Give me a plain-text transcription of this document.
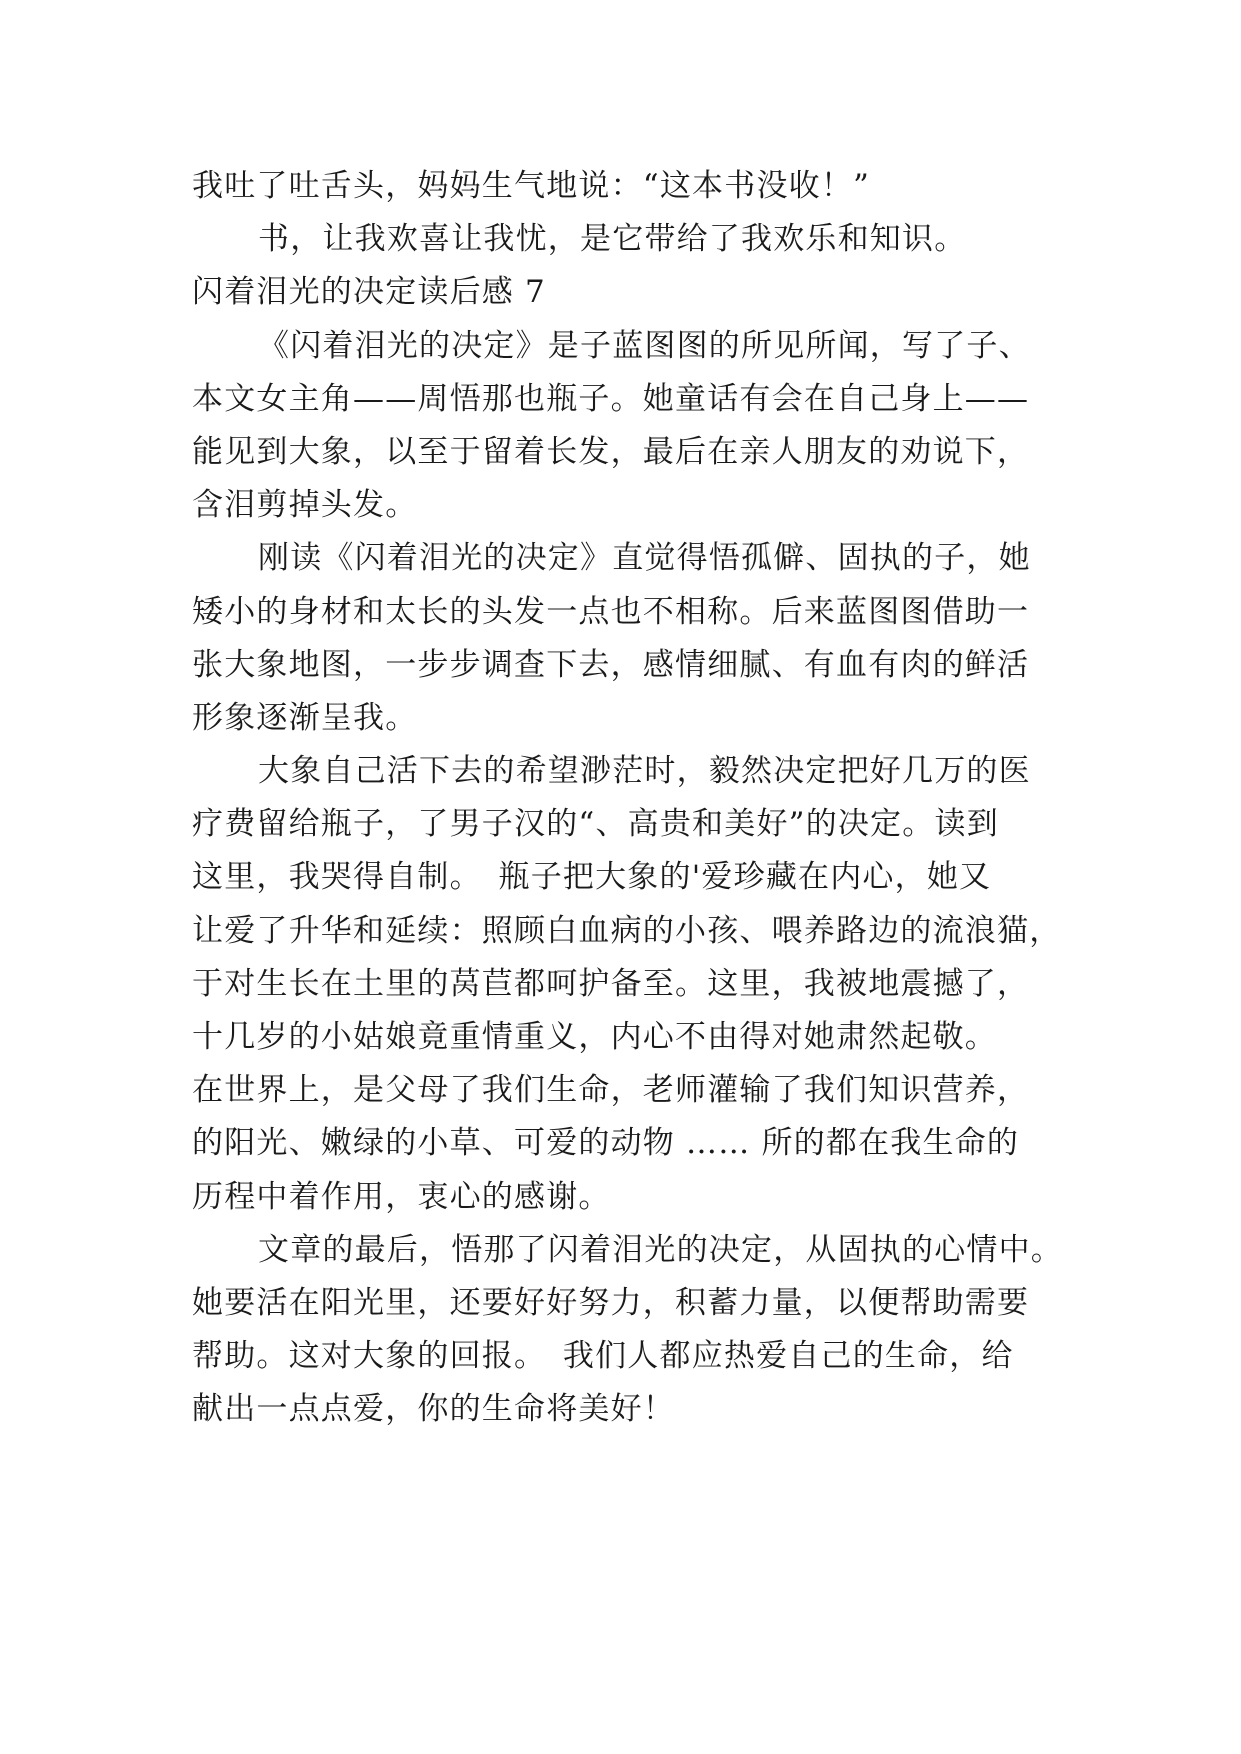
我吐了吐舌头，妈妈生气地说：“这本书没收！”
书，让我欢喜让我忧，是它带给了我欢乐和知识。
闪着泪光的决定读后感 7
《闪着泪光的决定》是子蓝图图的所见所闻，写了子、
本文女主角——周悟那也瓶子。她童话有会在自己身上——
能见到大象，以至于留着长发，最后在亲人朋友的劝说下，
含泪剪掉头发。
刚读《闪着泪光的决定》直觉得悟孤僻、固执的子，她
矮小的身材和太长的头发一点也不相称。后来蓝图图借助一
张大象地图，一步步调查下去，感情细腻、有血有肉的鲜活
形象逐渐呈我。
大象自己活下去的希望渺茫时，毅然决定把好几万的医
疗费留给瓶子，了男子汉的“、高贵和美好”的决定。读到
这里，我哭得自制。　瓶子把大象的'爱珍藏在内心，她又
让爱了升华和延续：照顾白血病的小孩、喂养路边的流浪猫，
于对生长在土里的莴苣都呵护备至。这里，我被地震撼了，
十几岁的小姑娘竟重情重义，内心不由得对她肃然起敬。
在世界上，是父母了我们生命，老师灌输了我们知识营养，
的阳光、嫩绿的小草、可爱的动物 …… 所的都在我生命的
历程中着作用，衷心的感谢。
文章的最后，悟那了闪着泪光的决定，从固执的心情中。
她要活在阳光里，还要好好努力，积蓄力量，以便帮助需要
帮助。这对大象的回报。　我们人都应热爱自己的生命，给
献出一点点爱，你的生命将美好！
